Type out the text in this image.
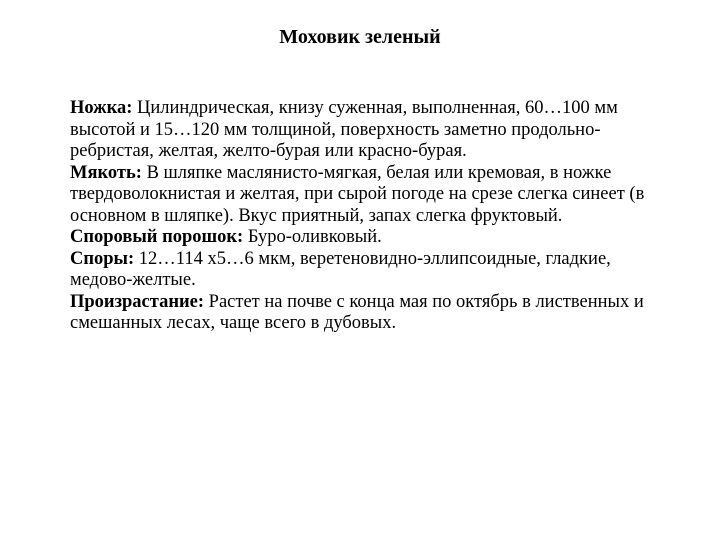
Моховик зеленый

Ножка: Цилиндрическая, книзу суженная, выполненная, 60…100 мм высотой и 15…120 мм толщиной, поверхность заметно продольно-ребристая, желтая, желто-бурая или красно-бурая.

Мякоть: В шляпке маслянисто-мягкая, белая или кремовая, в ножке твердоволокнистая и желтая, при сырой погоде на срезе слегка синеет (в основном в шляпке). Вкус приятный, запах слегка фруктовый.

Споровый порошок: Буро-оливковый.

Споры: 12…114 х5…6 мкм, веретеновидно-эллипсоидные, гладкие, медово-желтые.

Произрастание: Растет на почве с конца мая по октябрь в лиственных и смешанных лесах, чаще всего в дубовых.
